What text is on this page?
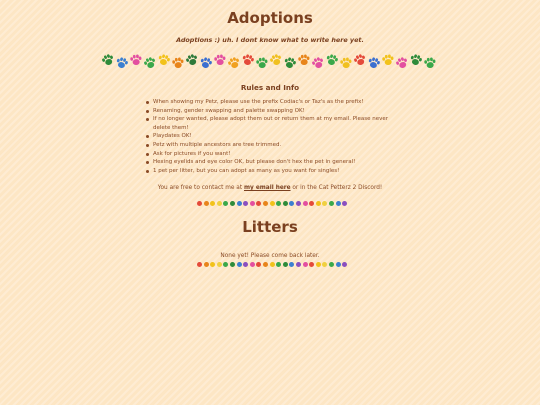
Adoptions
Adoptions :) uh. I dont know what to write here yet.
Rules and Info
When showing my Petz, please use the prefix Codiac's or Taz's as the prefix!
Renaming, gender swapping and palette swapping OK!
If no longer wanted, please adopt them out or return them at my email. Please never delete them!
Playdates OK!
Petz with multiple ancestors are tree trimmed.
Ask for pictures if you want!
Hexing eyelids and eye color OK, but please don't hex the pet in general!
1 pet per litter, but you can adopt as many as you want for singles!
You are free to contact me at my email here or in the Cat Petterz 2 Discord!
Litters
None yet! Please come back later.
